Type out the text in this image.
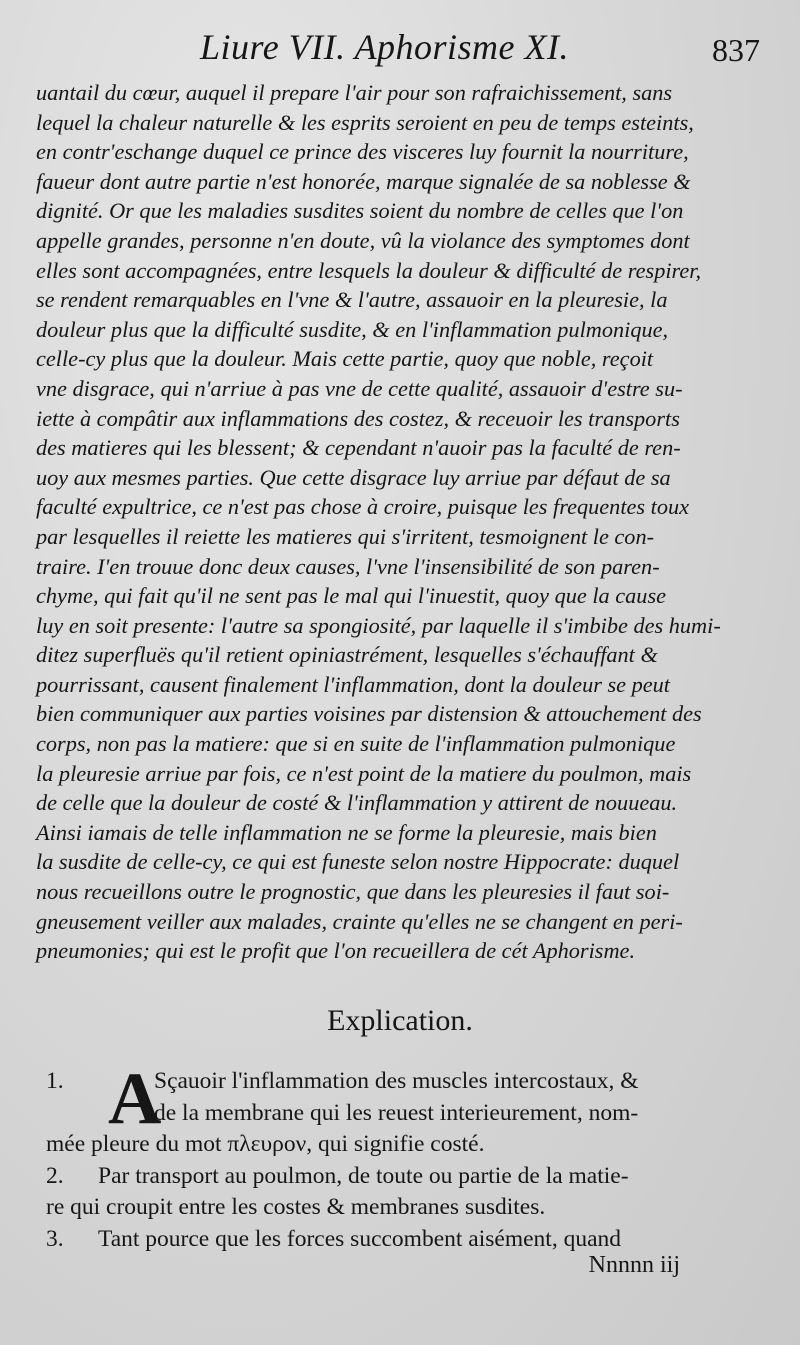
Liure VII. Aphorisme XI.	837
uantail du cœur, auquel il prepare l'air pour son rafraichissement, sans
lequel la chaleur naturelle & les esprits seroient en peu de temps esteints,
en contr'eschange duquel ce prince des visceres luy fournit la nourriture,
faueur dont autre partie n'est honorée, marque signalée de sa noblesse &
dignité. Or que les maladies susdites soient du nombre de celles que l'on
appelle grandes, personne n'en doute, vû la violance des symptomes dont
elles sont accompagnées, entre lesquels la douleur & difficulté de respirer,
se rendent remarquables en l'vne & l'autre, assauoir en la pleuresie, la
douleur plus que la difficulté susdite, & en l'inflammation pulmonique,
celle-cy plus que la douleur. Mais cette partie, quoy que noble, reçoit
vne disgrace, qui n'arriue à pas vne de cette qualité, assauoir d'estre su-
iette à compâtir aux inflammations des costez, & receuoir les transports
des matieres qui les blessent; & cependant n'auoir pas la faculté de ren-
uoy aux mesmes parties. Que cette disgrace luy arriue par défaut de sa
faculté expultrice, ce n'est pas chose à croire, puisque les frequentes toux
par lesquelles il reiette les matieres qui s'irritent, tesmoignent le con-
traire. I'en trouue donc deux causes, l'vne l'insensibilité de son paren-
chyme, qui fait qu'il ne sent pas le mal qui l'inuestit, quoy que la cause
luy en soit presente: l'autre sa spongiosité, par laquelle il s'imbibe des humi-
ditez superfluës qu'il retient opiniastrément, lesquelles s'échauffant &
pourrissant, causent finalement l'inflammation, dont la douleur se peut
bien communiquer aux parties voisines par distension & attouchement des
corps, non pas la matiere: que si en suite de l'inflammation pulmonique
la pleuresie arriue par fois, ce n'est point de la matiere du poulmon, mais
de celle que la douleur de costé & l'inflammation y attirent de nouueau.
Ainsi iamais de telle inflammation ne se forme la pleuresie, mais bien
la susdite de celle-cy, ce qui est funeste selon nostre Hippocrate: duquel
nous recueillons outre le prognostic, que dans les pleuresies il faut soi-
gneusement veiller aux malades, crainte qu'elles ne se changent en peri-
pneumonies; qui est le profit que l'on recueillera de cét Aphorisme.
Explication.
1. A
Sçauoir l'inflammation des muscles intercostaux, &
de la membrane qui les reuest interieurement, nom-
mée pleure du mot πλευρον, qui signifie costé.
2. Par transport au poulmon, de toute ou partie de la matie-
re qui croupit entre les costes & membranes susdites.
3. Tant pource que les forces succombent aisément, quand
Nnnnn iij
